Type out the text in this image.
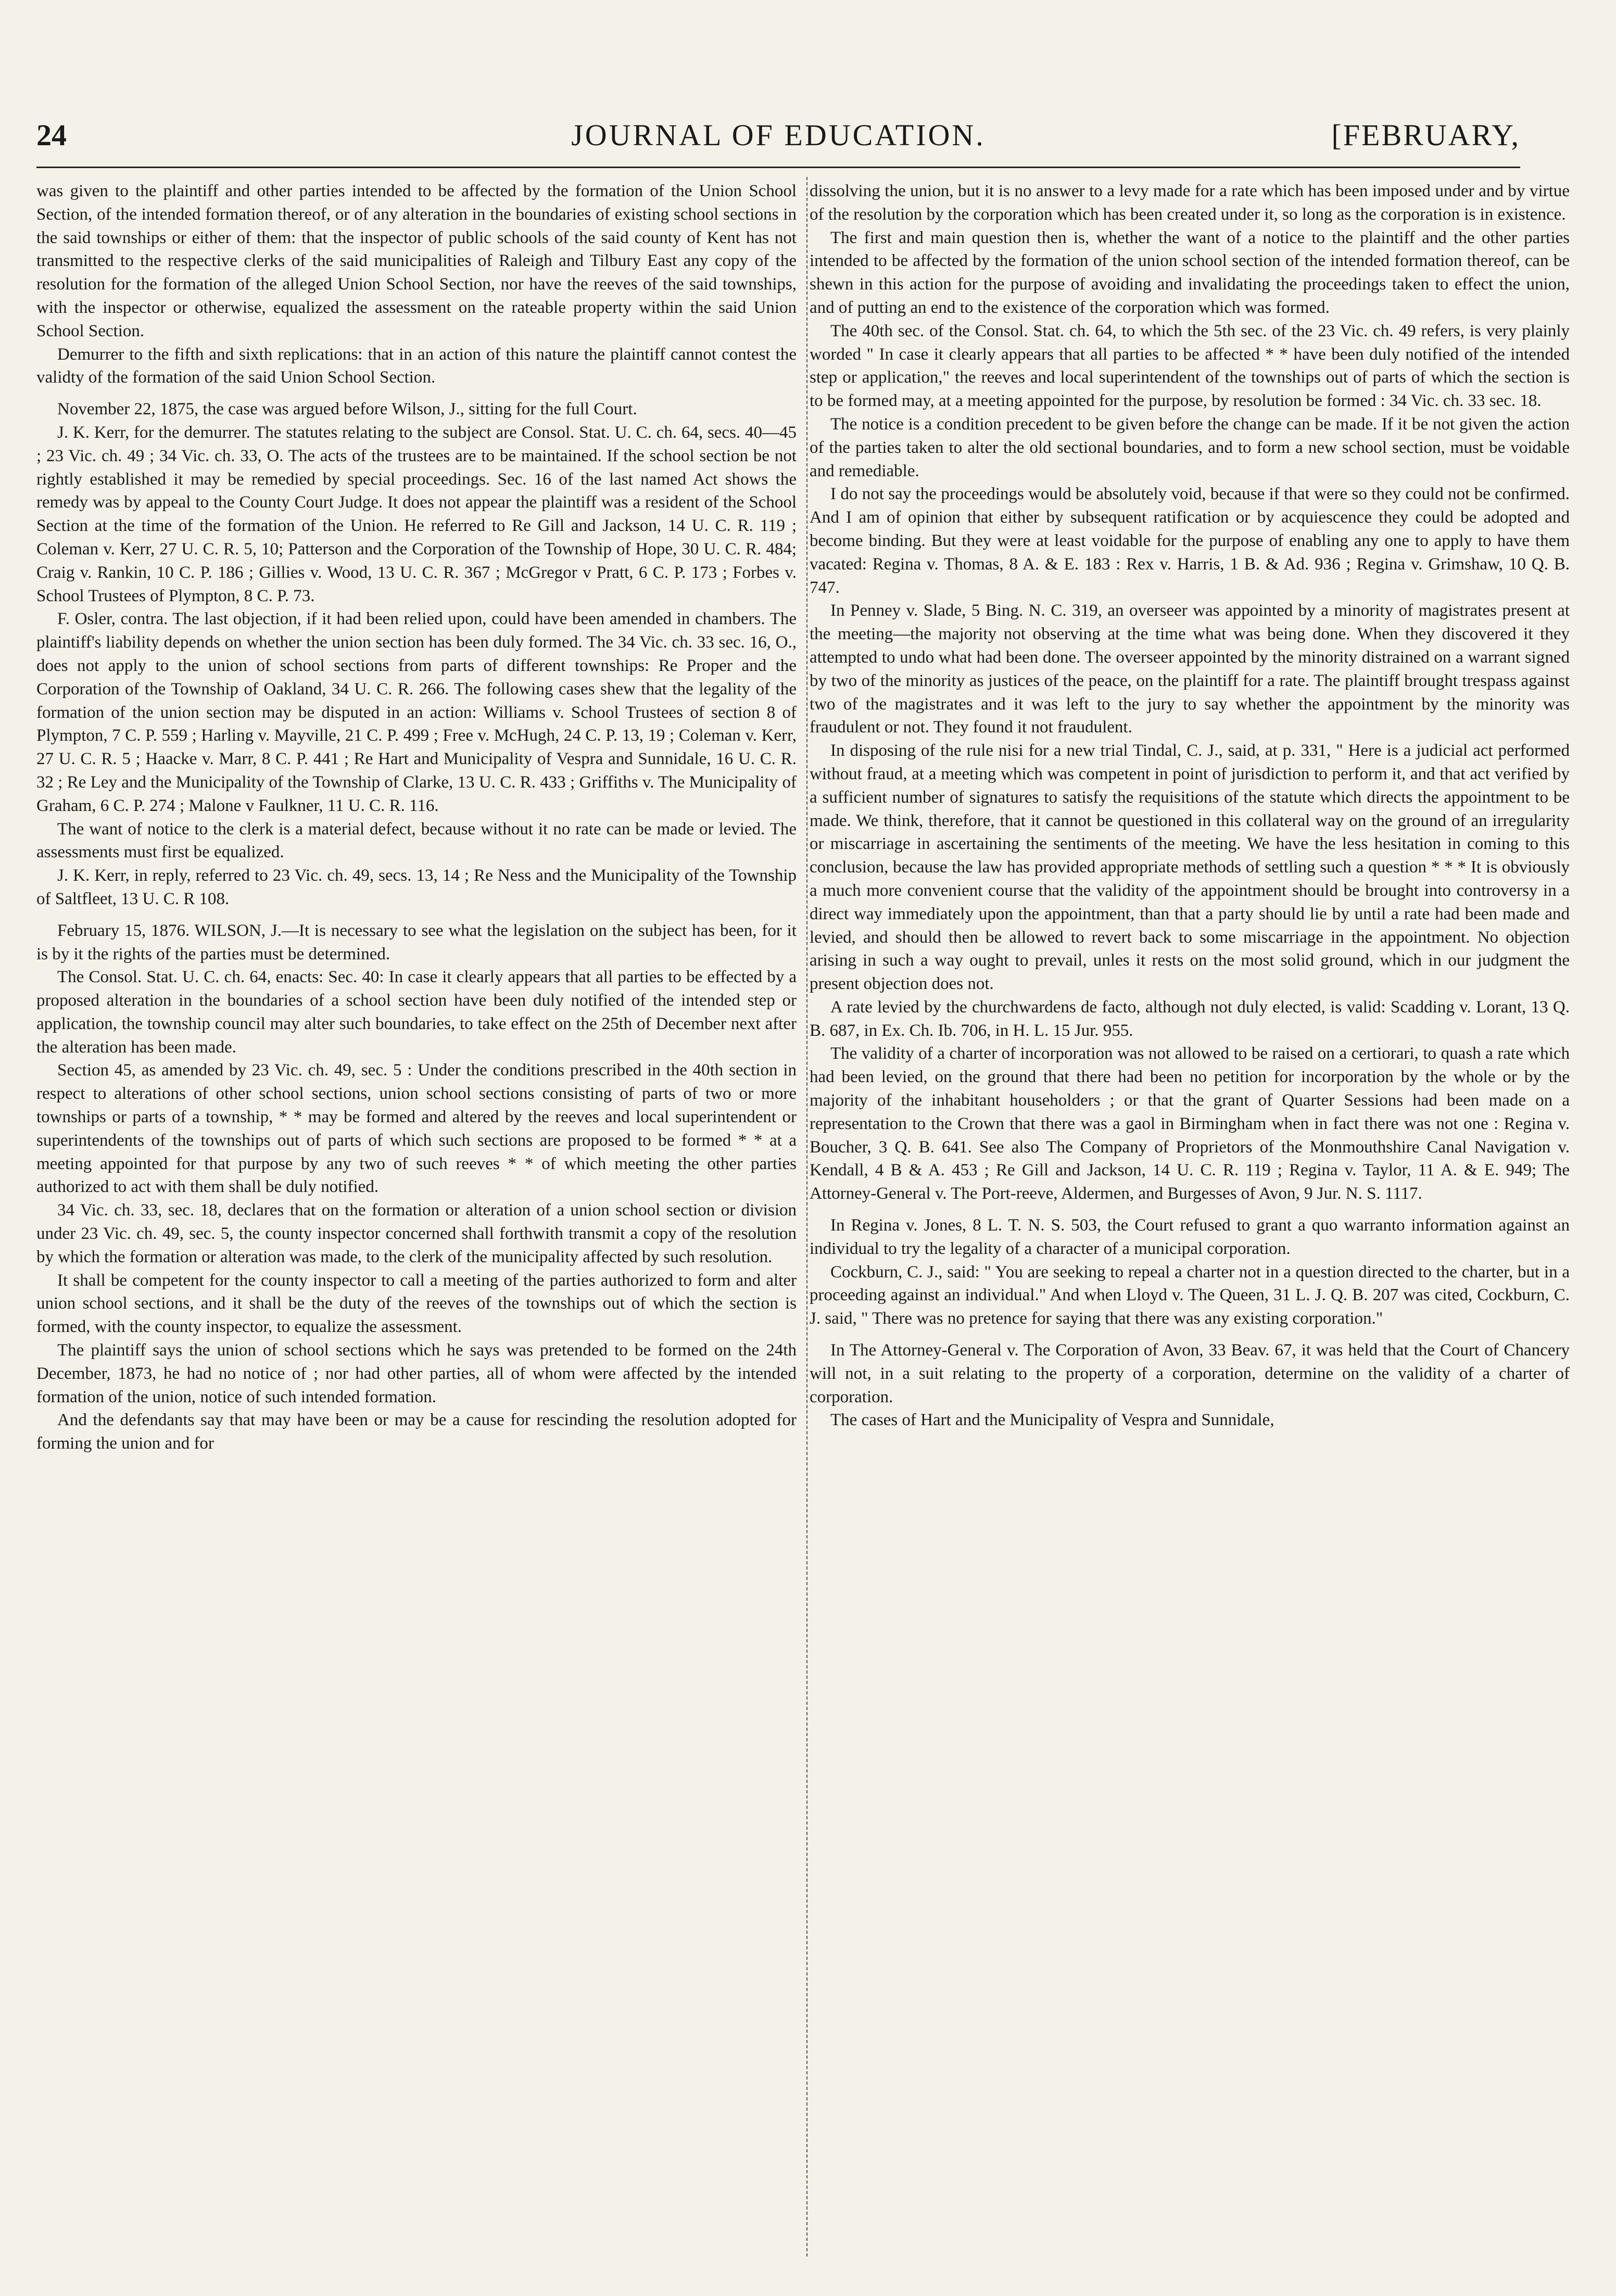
24	JOURNAL OF EDUCATION.	[FEBRUARY,

was given to the plaintiff and other parties intended to be affected by the formation of the Union School Section, of the intended formation thereof, or of any alteration in the boundaries of existing school sections in the said townships or either of them: that the inspector of public schools of the said county of Kent has not transmitted to the respective clerks of the said municipalities of Raleigh and Tilbury East any copy of the resolution for the formation of the alleged Union School Section, nor have the reeves of the said townships, with the inspector or otherwise, equalized the assessment on the rateable property within the said Union School Section.

Demurrer to the fifth and sixth replications: that in an action of this nature the plaintiff cannot contest the validty of the formation of the said Union School Section.

November 22, 1875, the case was argued before Wilson, J., sitting for the full Court.

J. K. Kerr, for the demurrer. The statutes relating to the subject are Consol. Stat. U. C. ch. 64, secs. 40—45 ; 23 Vic. ch. 49 ; 34 Vic. ch. 33, O. The acts of the trustees are to be maintained. If the school section be not rightly established it may be remedied by special proceedings. Sec. 16 of the last named Act shows the remedy was by appeal to the County Court Judge. It does not appear the plaintiff was a resident of the School Section at the time of the formation of the Union. He referred to Re Gill and Jackson, 14 U. C. R. 119 ; Coleman v. Kerr, 27 U. C. R. 5, 10; Patterson and the Corporation of the Township of Hope, 30 U. C. R. 484; Craig v. Rankin, 10 C. P. 186 ; Gillies v. Wood, 13 U. C. R. 367 ; McGregor v Pratt, 6 C. P. 173 ; Forbes v. School Trustees of Plympton, 8 C. P. 73.

F. Osler, contra. The last objection, if it had been relied upon, could have been amended in chambers. The plaintiff's liability depends on whether the union section has been duly formed. The 34 Vic. ch. 33 sec. 16, O., does not apply to the union of school sections from parts of different townships: Re Proper and the Corporation of the Township of Oakland, 34 U. C. R. 266. The following cases shew that the legality of the formation of the union section may be disputed in an action: Williams v. School Trustees of section 8 of Plympton, 7 C. P. 559 ; Harling v. Mayville, 21 C. P. 499 ; Free v. McHugh, 24 C. P. 13, 19 ; Coleman v. Kerr, 27 U. C. R. 5 ; Haacke v. Marr, 8 C. P. 441 ; Re Hart and Municipality of Vespra and Sunnidale, 16 U. C. R. 32 ; Re Ley and the Municipality of the Township of Clarke, 13 U. C. R. 433 ; Griffiths v. The Municipality of Graham, 6 C. P. 274 ; Malone v Faulkner, 11 U. C. R. 116.

The want of notice to the clerk is a material defect, because without it no rate can be made or levied. The assessments must first be equalized.

J. K. Kerr, in reply, referred to 23 Vic. ch. 49, secs. 13, 14 ; Re Ness and the Municipality of the Township of Saltfleet, 13 U. C. R 108.

February 15, 1876. WILSON, J.—It is necessary to see what the legislation on the subject has been, for it is by it the rights of the parties must be determined.

The Consol. Stat. U. C. ch. 64, enacts: Sec. 40: In case it clearly appears that all parties to be effected by a proposed alteration in the boundaries of a school section have been duly notified of the intended step or application, the township council may alter such boundaries, to take effect on the 25th of December next after the alteration has been made.

Section 45, as amended by 23 Vic. ch. 49, sec. 5 : Under the conditions prescribed in the 40th section in respect to alterations of other school sections, union school sections consisting of parts of two or more townships or parts of a township, * * may be formed and altered by the reeves and local superintendent or superintendents of the townships out of parts of which such sections are proposed to be formed * * at a meeting appointed for that purpose by any two of such reeves * * of which meeting the other parties authorized to act with them shall be duly notified.

34 Vic. ch. 33, sec. 18, declares that on the formation or alteration of a union school section or division under 23 Vic. ch. 49, sec. 5, the county inspector concerned shall forthwith transmit a copy of the resolution by which the formation or alteration was made, to the clerk of the municipality affected by such resolution.

It shall be competent for the county inspector to call a meeting of the parties authorized to form and alter union school sections, and it shall be the duty of the reeves of the townships out of which the section is formed, with the county inspector, to equalize the assessment.

The plaintiff says the union of school sections which he says was pretended to be formed on the 24th December, 1873, he had no notice of ; nor had other parties, all of whom were affected by the intended formation of the union, notice of such intended formation.

And the defendants say that may have been or may be a cause for rescinding the resolution adopted for forming the union and for

dissolving the union, but it is no answer to a levy made for a rate which has been imposed under and by virtue of the resolution by the corporation which has been created under it, so long as the corporation is in existence.

The first and main question then is, whether the want of a notice to the plaintiff and the other parties intended to be affected by the formation of the union school section of the intended formation thereof, can be shewn in this action for the purpose of avoiding and invalidating the proceedings taken to effect the union, and of putting an end to the existence of the corporation which was formed.

The 40th sec. of the Consol. Stat. ch. 64, to which the 5th sec. of the 23 Vic. ch. 49 refers, is very plainly worded " In case it clearly appears that all parties to be affected * * have been duly notified of the intended step or application," the reeves and local superintendent of the townships out of parts of which the section is to be formed may, at a meeting appointed for the purpose, by resolution be formed : 34 Vic. ch. 33 sec. 18.

The notice is a condition precedent to be given before the change can be made. If it be not given the action of the parties taken to alter the old sectional boundaries, and to form a new school section, must be voidable and remediable.

I do not say the proceedings would be absolutely void, because if that were so they could not be confirmed. And I am of opinion that either by subsequent ratification or by acquiescence they could be adopted and become binding. But they were at least voidable for the purpose of enabling any one to apply to have them vacated: Regina v. Thomas, 8 A. & E. 183 : Rex v. Harris, 1 B. & Ad. 936 ; Regina v. Grimshaw, 10 Q. B. 747.

In Penney v. Slade, 5 Bing. N. C. 319, an overseer was appointed by a minority of magistrates present at the meeting—the majority not observing at the time what was being done. When they discovered it they attempted to undo what had been done. The overseer appointed by the minority distrained on a warrant signed by two of the minority as justices of the peace, on the plaintiff for a rate. The plaintiff brought trespass against two of the magistrates and it was left to the jury to say whether the appointment by the minority was fraudulent or not. They found it not fraudulent.

In disposing of the rule nisi for a new trial Tindal, C. J., said, at p. 331, " Here is a judicial act performed without fraud, at a meeting which was competent in point of jurisdiction to perform it, and that act verified by a sufficient number of signatures to satisfy the requisitions of the statute which directs the appointment to be made. We think, therefore, that it cannot be questioned in this collateral way on the ground of an irregularity or miscarriage in ascertaining the sentiments of the meeting. We have the less hesitation in coming to this conclusion, because the law has provided appropriate methods of settling such a question * * * It is obviously a much more convenient course that the validity of the appointment should be brought into controversy in a direct way immediately upon the appointment, than that a party should lie by until a rate had been made and levied, and should then be allowed to revert back to some miscarriage in the appointment. No objection arising in such a way ought to prevail, unles it rests on the most solid ground, which in our judgment the present objection does not.

A rate levied by the churchwardens de facto, although not duly elected, is valid: Scadding v. Lorant, 13 Q. B. 687, in Ex. Ch. Ib. 706, in H. L. 15 Jur. 955.

The validity of a charter of incorporation was not allowed to be raised on a certiorari, to quash a rate which had been levied, on the ground that there had been no petition for incorporation by the whole or by the majority of the inhabitant householders ; or that the grant of Quarter Sessions had been made on a representation to the Crown that there was a gaol in Birmingham when in fact there was not one : Regina v. Boucher, 3 Q. B. 641. See also The Company of Proprietors of the Monmouthshire Canal Navigation v. Kendall, 4 B & A. 453 ; Re Gill and Jackson, 14 U. C. R. 119 ; Regina v. Taylor, 11 A. & E. 949; The Attorney-General v. The Port-reeve, Aldermen, and Burgesses of Avon, 9 Jur. N. S. 1117.

In Regina v. Jones, 8 L. T. N. S. 503, the Court refused to grant a quo warranto information against an individual to try the legality of a character of a municipal corporation.

Cockburn, C. J., said: " You are seeking to repeal a charter not in a question directed to the charter, but in a proceeding against an individual." And when Lloyd v. The Queen, 31 L. J. Q. B. 207 was cited, Cockburn, C. J. said, " There was no pretence for saying that there was any existing corporation."

In The Attorney-General v. The Corporation of Avon, 33 Beav. 67, it was held that the Court of Chancery will not, in a suit relating to the property of a corporation, determine on the validity of a charter of corporation.

The cases of Hart and the Municipality of Vespra and Sunnidale,
